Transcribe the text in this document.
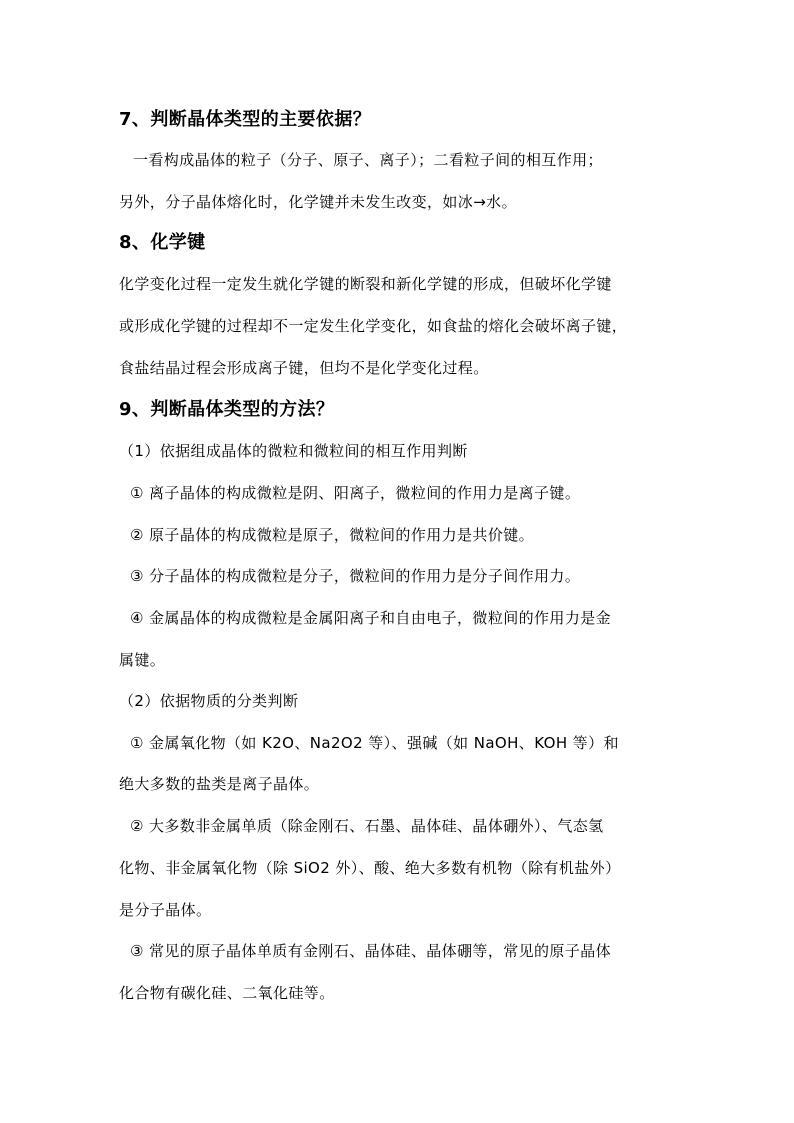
7、判断晶体类型的主要依据？
一看构成晶体的粒子（分子、原子、离子）；二看粒子间的相互作用；
另外，分子晶体熔化时，化学键并未发生改变，如冰→水。
8、化学键
化学变化过程一定发生就化学键的断裂和新化学键的形成，但破坏化学键
或形成化学键的过程却不一定发生化学变化，如食盐的熔化会破坏离子键，
食盐结晶过程会形成离子键，但均不是化学变化过程。
9、判断晶体类型的方法？
（1）依据组成晶体的微粒和微粒间的相互作用判断
① 离子晶体的构成微粒是阴、阳离子，微粒间的作用力是离子键。
② 原子晶体的构成微粒是原子，微粒间的作用力是共价键。
③ 分子晶体的构成微粒是分子，微粒间的作用力是分子间作用力。
④ 金属晶体的构成微粒是金属阳离子和自由电子，微粒间的作用力是金
属键。
（2）依据物质的分类判断
① 金属氧化物（如 K2O、Na2O2 等）、强碱（如 NaOH、KOH 等）和
绝大多数的盐类是离子晶体。
② 大多数非金属单质（除金刚石、石墨、晶体硅、晶体硼外）、气态氢
化物、非金属氧化物（除 SiO2 外）、酸、绝大多数有机物（除有机盐外）
是分子晶体。
③ 常见的原子晶体单质有金刚石、晶体硅、晶体硼等，常见的原子晶体
化合物有碳化硅、二氧化硅等。
